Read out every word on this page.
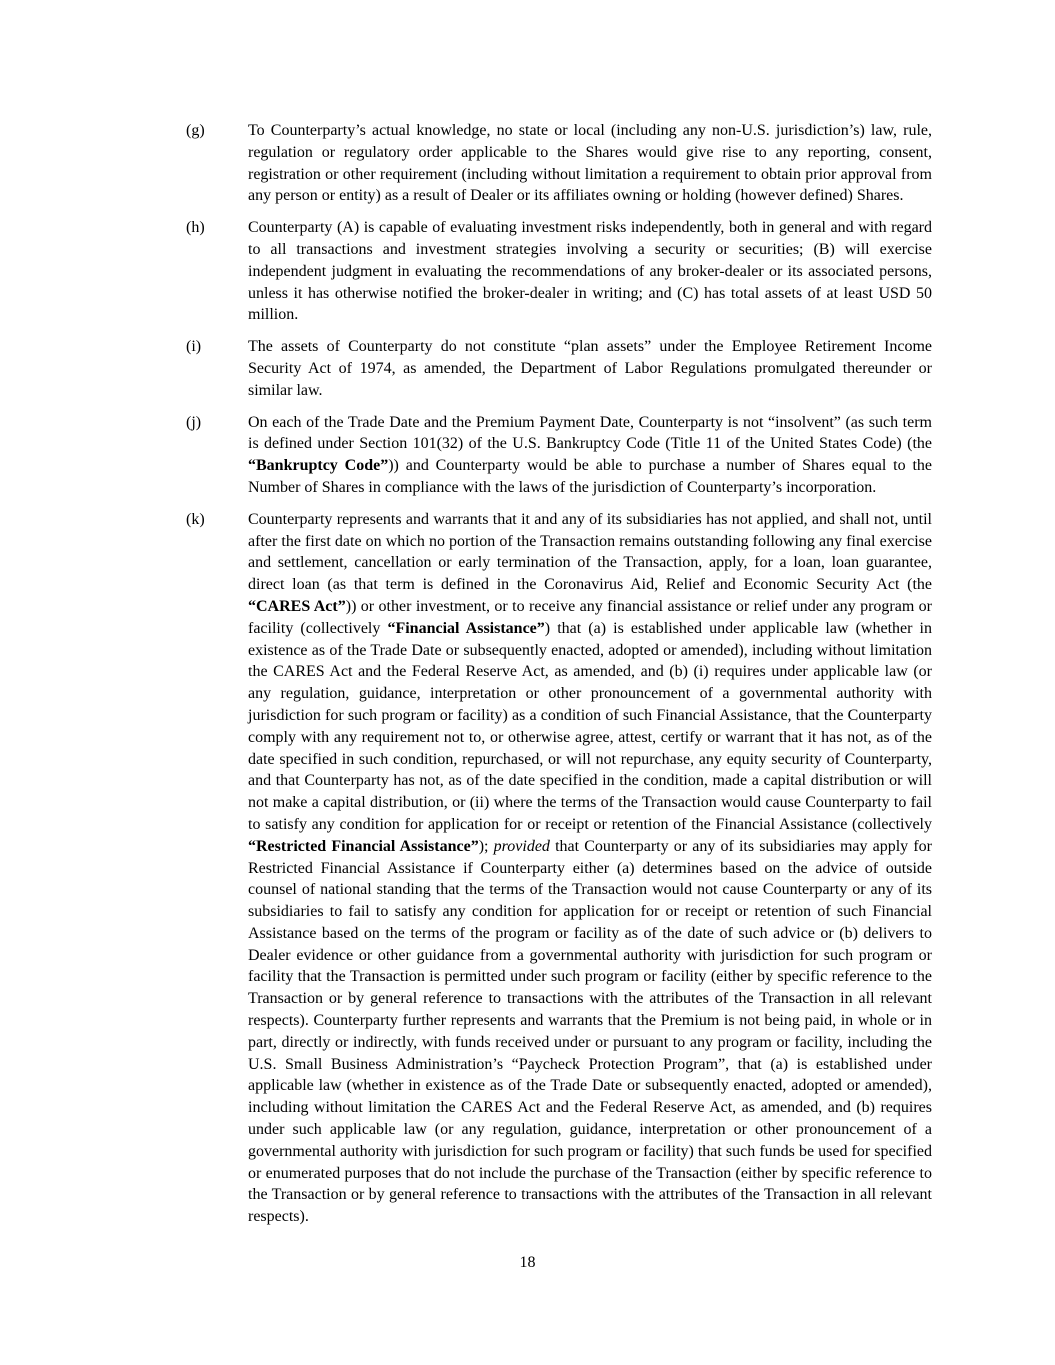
(g)	To Counterparty’s actual knowledge, no state or local (including any non-U.S. jurisdiction’s) law, rule, regulation or regulatory order applicable to the Shares would give rise to any reporting, consent, registration or other requirement (including without limitation a requirement to obtain prior approval from any person or entity) as a result of Dealer or its affiliates owning or holding (however defined) Shares.
(h)	Counterparty (A) is capable of evaluating investment risks independently, both in general and with regard to all transactions and investment strategies involving a security or securities; (B) will exercise independent judgment in evaluating the recommendations of any broker-dealer or its associated persons, unless it has otherwise notified the broker-dealer in writing; and (C) has total assets of at least USD 50 million.
(i)	The assets of Counterparty do not constitute “plan assets” under the Employee Retirement Income Security Act of 1974, as amended, the Department of Labor Regulations promulgated thereunder or similar law.
(j)	On each of the Trade Date and the Premium Payment Date, Counterparty is not “insolvent” (as such term is defined under Section 101(32) of the U.S. Bankruptcy Code (Title 11 of the United States Code) (the “Bankruptcy Code”)) and Counterparty would be able to purchase a number of Shares equal to the Number of Shares in compliance with the laws of the jurisdiction of Counterparty’s incorporation.
(k)	Counterparty represents and warrants that it and any of its subsidiaries has not applied, and shall not, until after the first date on which no portion of the Transaction remains outstanding following any final exercise and settlement, cancellation or early termination of the Transaction, apply, for a loan, loan guarantee, direct loan (as that term is defined in the Coronavirus Aid, Relief and Economic Security Act (the “CARES Act”)) or other investment, or to receive any financial assistance or relief under any program or facility (collectively “Financial Assistance”) that (a) is established under applicable law (whether in existence as of the Trade Date or subsequently enacted, adopted or amended), including without limitation the CARES Act and the Federal Reserve Act, as amended, and (b) (i) requires under applicable law (or any regulation, guidance, interpretation or other pronouncement of a governmental authority with jurisdiction for such program or facility) as a condition of such Financial Assistance, that the Counterparty comply with any requirement not to, or otherwise agree, attest, certify or warrant that it has not, as of the date specified in such condition, repurchased, or will not repurchase, any equity security of Counterparty, and that Counterparty has not, as of the date specified in the condition, made a capital distribution or will not make a capital distribution, or (ii) where the terms of the Transaction would cause Counterparty to fail to satisfy any condition for application for or receipt or retention of the Financial Assistance (collectively “Restricted Financial Assistance”); provided that Counterparty or any of its subsidiaries may apply for Restricted Financial Assistance if Counterparty either (a) determines based on the advice of outside counsel of national standing that the terms of the Transaction would not cause Counterparty or any of its subsidiaries to fail to satisfy any condition for application for or receipt or retention of such Financial Assistance based on the terms of the program or facility as of the date of such advice or (b) delivers to Dealer evidence or other guidance from a governmental authority with jurisdiction for such program or facility that the Transaction is permitted under such program or facility (either by specific reference to the Transaction or by general reference to transactions with the attributes of the Transaction in all relevant respects). Counterparty further represents and warrants that the Premium is not being paid, in whole or in part, directly or indirectly, with funds received under or pursuant to any program or facility, including the U.S. Small Business Administration’s “Paycheck Protection Program”, that (a) is established under applicable law (whether in existence as of the Trade Date or subsequently enacted, adopted or amended), including without limitation the CARES Act and the Federal Reserve Act, as amended, and (b) requires under such applicable law (or any regulation, guidance, interpretation or other pronouncement of a governmental authority with jurisdiction for such program or facility) that such funds be used for specified or enumerated purposes that do not include the purchase of the Transaction (either by specific reference to the Transaction or by general reference to transactions with the attributes of the Transaction in all relevant respects).
18
